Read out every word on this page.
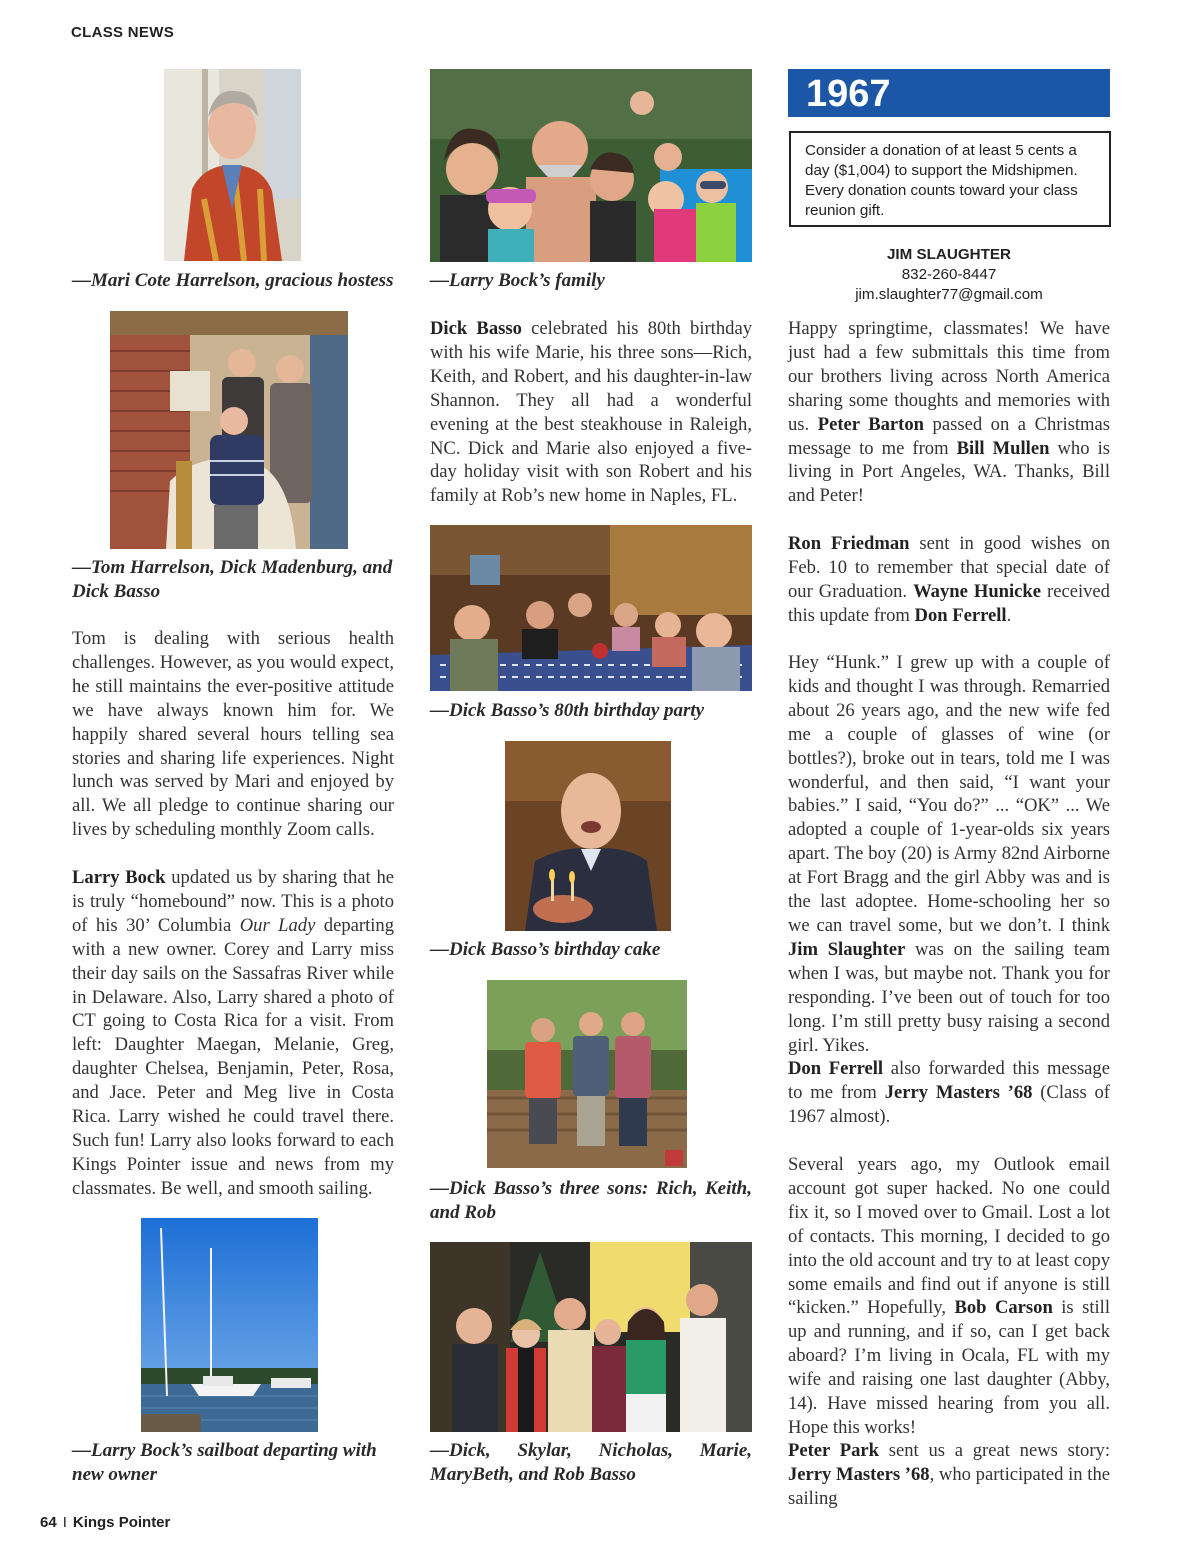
CLASS NEWS
—Mari Cote Harrelson, gracious hostess
—Tom Harrelson, Dick Madenburg, and Dick Basso
Tom is dealing with serious health challenges. However, as you would expect, he still maintains the ever-positive attitude we have always known him for. We happily shared several hours telling sea stories and sharing life experiences. Night lunch was served by Mari and enjoyed by all. We all pledge to continue sharing our lives by scheduling monthly Zoom calls.
Larry Bock updated us by sharing that he is truly “homebound” now. This is a photo of his 30’ Columbia Our Lady departing with a new owner. Corey and Larry miss their day sails on the Sassafras River while in Delaware. Also, Larry shared a photo of CT going to Costa Rica for a visit. From left: Daughter Maegan, Melanie, Greg, daughter Chelsea, Benjamin, Peter, Rosa, and Jace. Peter and Meg live in Costa Rica. Larry wished he could travel there. Such fun! Larry also looks forward to each Kings Pointer issue and news from my classmates. Be well, and smooth sailing.
—Larry Bock’s sailboat departing with new owner
—Larry Bock’s family
Dick Basso celebrated his 80th birthday with his wife Marie, his three sons—Rich, Keith, and Robert, and his daughter-in-law Shannon. They all had a wonderful evening at the best steakhouse in Raleigh, NC. Dick and Marie also enjoyed a five-day holiday visit with son Robert and his family at Rob’s new home in Naples, FL.
—Dick Basso’s 80th birthday party
—Dick Basso’s birthday cake
—Dick Basso’s three sons: Rich, Keith, and Rob
—Dick, Skylar, Nicholas, Marie, MaryBeth, and Rob Basso
1967
Consider a donation of at least 5 cents a day ($1,004) to support the Midshipmen. Every donation counts toward your class reunion gift.
JIM SLAUGHTER
832-260-8447
jim.slaughter77@gmail.com
Happy springtime, classmates! We have just had a few submittals this time from our brothers living across North America sharing some thoughts and memories with us. Peter Barton passed on a Christmas message to me from Bill Mullen who is living in Port Angeles, WA. Thanks, Bill and Peter!
Ron Friedman sent in good wishes on Feb. 10 to remember that special date of our Graduation. Wayne Hunicke received this update from Don Ferrell.
Hey “Hunk.” I grew up with a couple of kids and thought I was through. Remarried about 26 years ago, and the new wife fed me a couple of glasses of wine (or bottles?), broke out in tears, told me I was wonderful, and then said, “I want your babies.” I said, “You do?” ... “OK” ... We adopted a couple of 1-year-olds six years apart. The boy (20) is Army 82nd Airborne at Fort Bragg and the girl Abby was and is the last adoptee. Home-schooling her so we can travel some, but we don’t. I think Jim Slaughter was on the sailing team when I was, but maybe not. Thank you for responding. I’ve been out of touch for too long. I’m still pretty busy raising a second girl. Yikes.
Don Ferrell also forwarded this message to me from Jerry Masters ’68 (Class of 1967 almost).
Several years ago, my Outlook email account got super hacked. No one could fix it, so I moved over to Gmail. Lost a lot of contacts. This morning, I decided to go into the old account and try to at least copy some emails and find out if anyone is still “kicken.” Hopefully, Bob Carson is still up and running, and if so, can I get back aboard? I’m living in Ocala, FL with my wife and raising one last daughter (Abby, 14). Have missed hearing from you all. Hope this works!
Peter Park sent us a great news story: Jerry Masters ’68, who participated in the sailing
64 I Kings Pointer
